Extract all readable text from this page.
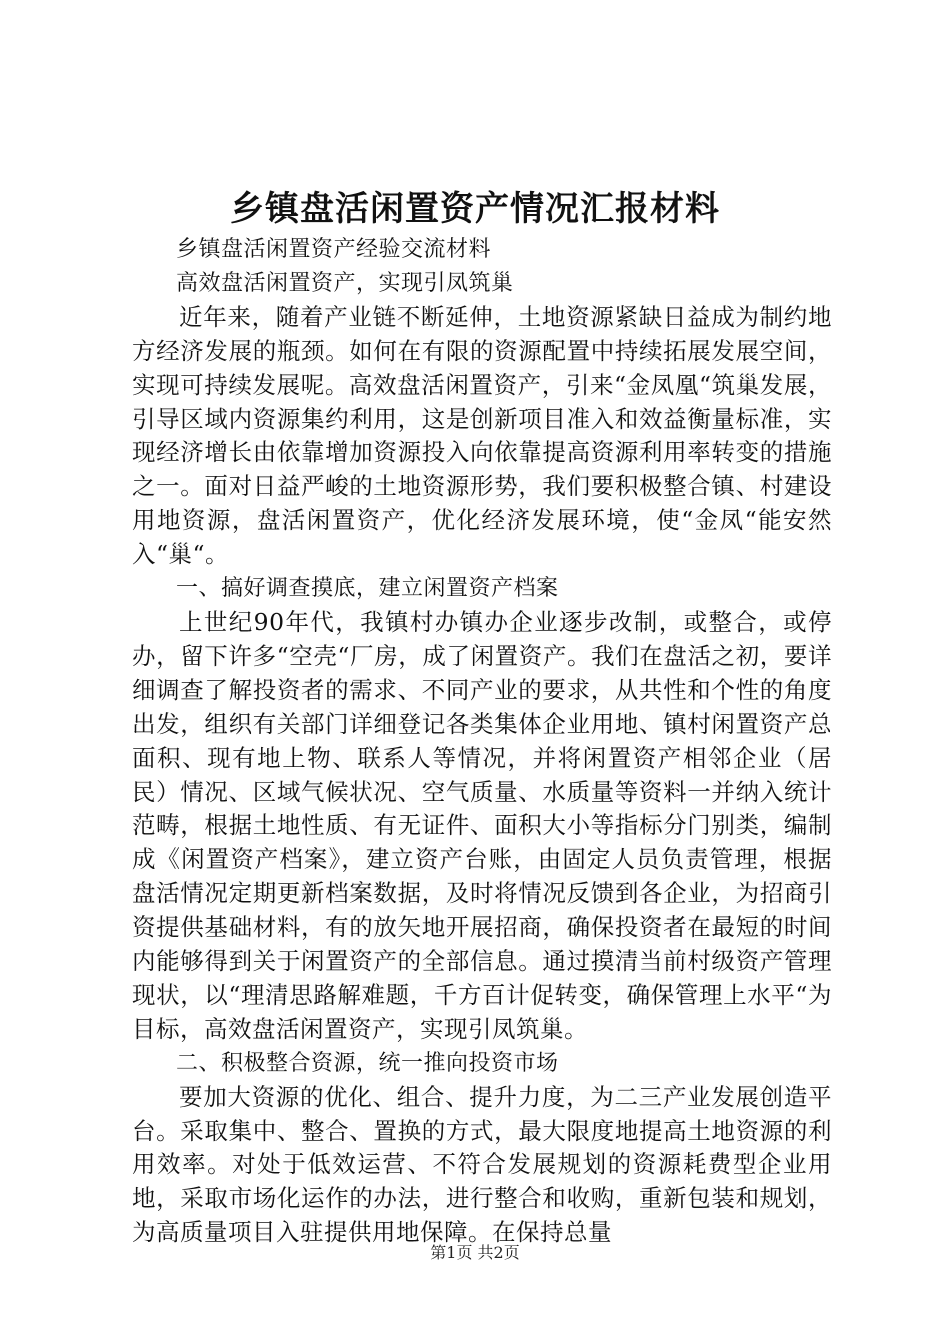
乡镇盘活闲置资产情况汇报材料

乡镇盘活闲置资产经验交流材料

高效盘活闲置资产，实现引凤筑巢

近年来，随着产业链不断延伸，土地资源紧缺日益成为制约地方经济发展的瓶颈。如何在有限的资源配置中持续拓展发展空间，实现可持续发展呢。高效盘活闲置资产，引来“金凤凰“筑巢发展，引导区域内资源集约利用，这是创新项目准入和效益衡量标准，实现经济增长由依靠增加资源投入向依靠提高资源利用率转变的措施之一。面对日益严峻的土地资源形势，我们要积极整合镇、村建设用地资源，盘活闲置资产，优化经济发展环境，使“金凤“能安然入“巢“。

一、搞好调查摸底，建立闲置资产档案

上世纪90年代，我镇村办镇办企业逐步改制，或整合，或停办，留下许多“空壳“厂房，成了闲置资产。我们在盘活之初，要详细调查了解投资者的需求、不同产业的要求，从共性和个性的角度出发，组织有关部门详细登记各类集体企业用地、镇村闲置资产总面积、现有地上物、联系人等情况，并将闲置资产相邻企业（居民）情况、区域气候状况、空气质量、水质量等资料一并纳入统计范畴，根据土地性质、有无证件、面积大小等指标分门别类，编制成《闲置资产档案》，建立资产台账，由固定人员负责管理，根据盘活情况定期更新档案数据，及时将情况反馈到各企业，为招商引资提供基础材料，有的放矢地开展招商，确保投资者在最短的时间内能够得到关于闲置资产的全部信息。通过摸清当前村级资产管理现状，以“理清思路解难题，千方百计促转变，确保管理上水平“为目标，高效盘活闲置资产，实现引凤筑巢。

二、积极整合资源，统一推向投资市场

要加大资源的优化、组合、提升力度，为二三产业发展创造平台。采取集中、整合、置换的方式，最大限度地提高土地资源的利用效率。对处于低效运营、不符合发展规划的资源耗费型企业用地，采取市场化运作的办法，进行整合和收购，重新包装和规划，为高质量项目入驻提供用地保障。在保持总量

第1页 共2页
